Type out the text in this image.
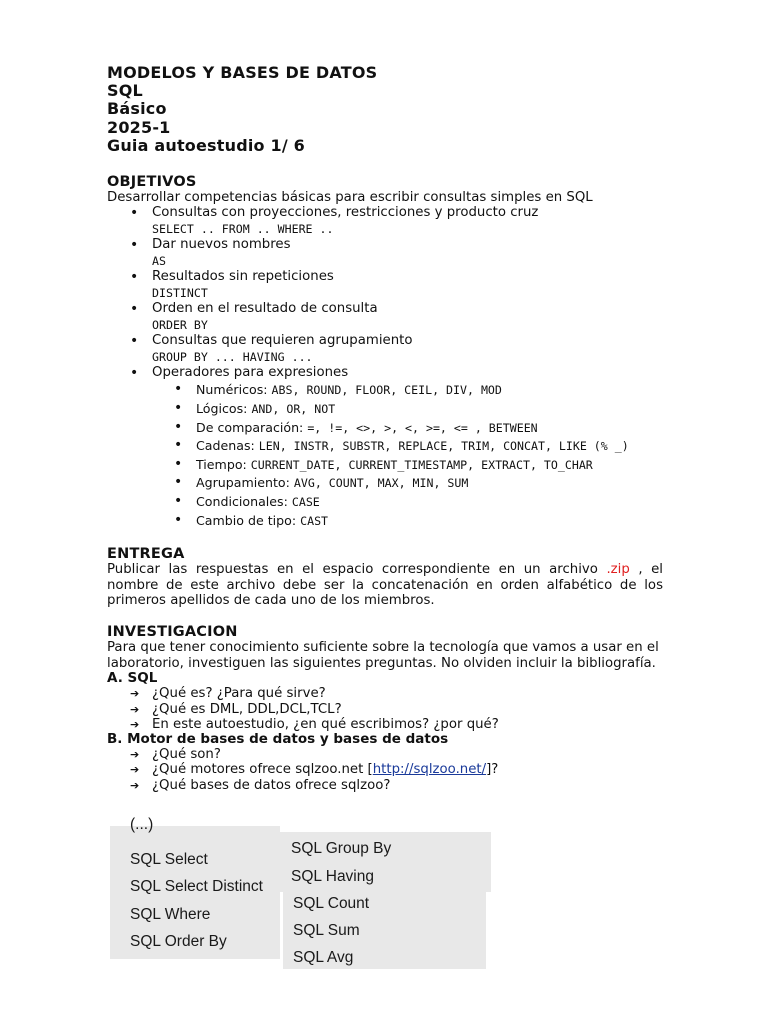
MODELOS Y BASES DE DATOS
SQL
Básico
2025-1
Guia autoestudio 1/ 6
OBJETIVOS
Desarrollar competencias básicas para escribir consultas simples en SQL
• Consultas con proyecciones, restricciones y producto cruz
SELECT .. FROM .. WHERE ..
• Dar nuevos nombres
AS
• Resultados sin repeticiones
DISTINCT
• Orden en el resultado de consulta
ORDER BY
• Consultas que requieren agrupamiento
GROUP BY ... HAVING ...
• Operadores para expresiones
• Numéricos: ABS, ROUND, FLOOR, CEIL, DIV, MOD
• Lógicos: AND, OR, NOT
• De comparación: =, !=, <>, >, <, >=, <= , BETWEEN
• Cadenas: LEN, INSTR, SUBSTR, REPLACE, TRIM, CONCAT, LIKE (% _)
• Tiempo: CURRENT_DATE, CURRENT_TIMESTAMP, EXTRACT, TO_CHAR
• Agrupamiento: AVG, COUNT, MAX, MIN, SUM
• Condicionales: CASE
• Cambio de tipo: CAST
ENTREGA
Publicar las respuestas en el espacio correspondiente en un archivo .zip , el nombre de este archivo debe ser la concatenación en orden alfabético de los primeros apellidos de cada uno de los miembros.
INVESTIGACION
Para que tener conocimiento suficiente sobre la tecnología que vamos a usar en el laboratorio, investiguen las siguientes preguntas. No olviden incluir la bibliografía.
A. SQL
➔ ¿Qué es? ¿Para qué sirve?
➔ ¿Qué es DML, DDL,DCL,TCL?
➔ En este autoestudio, ¿en qué escribimos? ¿por qué?
B. Motor de bases de datos y bases de datos
➔ ¿Qué son?
➔ ¿Qué motores ofrece sqlzoo.net [http://sqlzoo.net/]?
➔ ¿Qué bases de datos ofrece sqlzoo?
(...)
SQL Select
SQL Select Distinct
SQL Where
SQL Order By
SQL Group By
SQL Having
SQL Count
SQL Sum
SQL Avg
